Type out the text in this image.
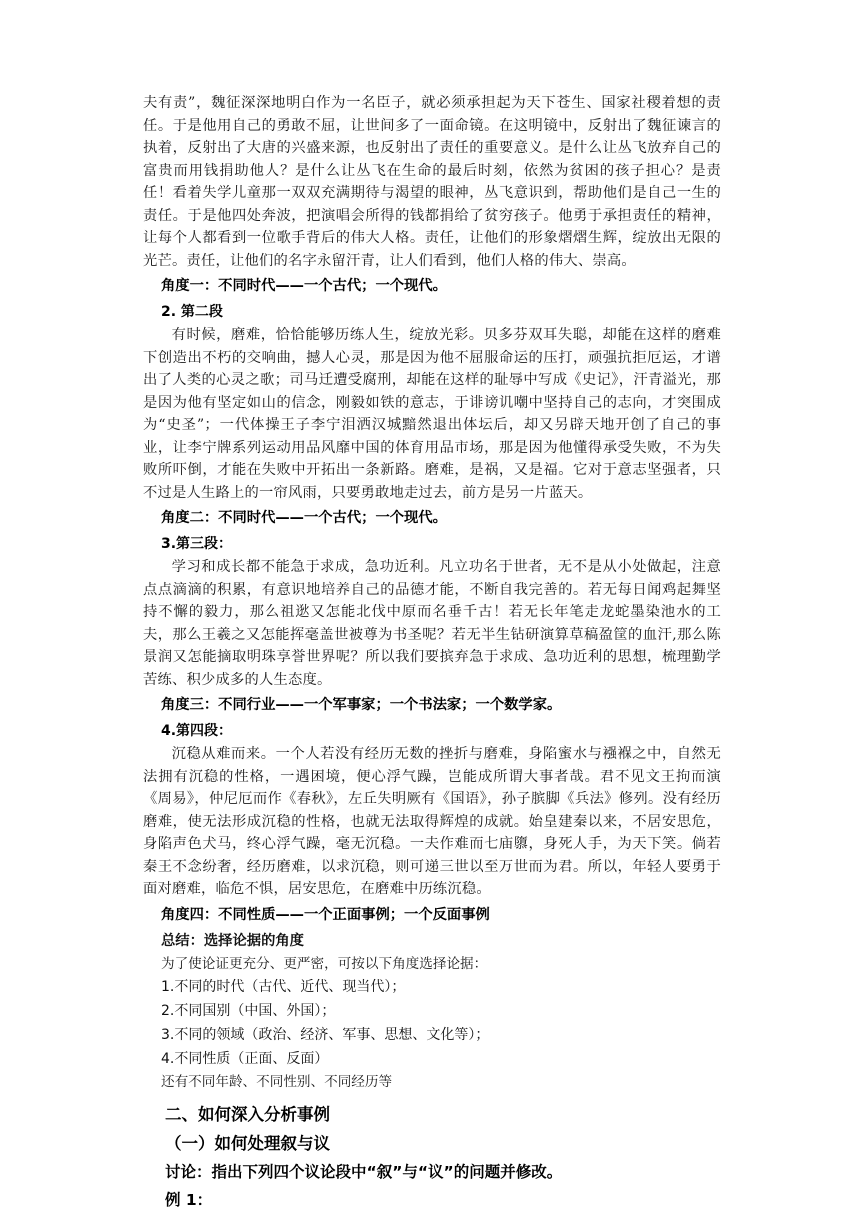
夫有责”，魏征深深地明白作为一名臣子，就必须承担起为天下苍生、国家社稷着想的责任。于是他用自己的勇敢不屈，让世间多了一面命镜。在这明镜中，反射出了魏征谏言的执着，反射出了大唐的兴盛来源，也反射出了责任的重要意义。是什么让丛飞放弃自己的富贵而用钱捐助他人？是什么让丛飞在生命的最后时刻，依然为贫困的孩子担心？是责任！看着失学儿童那一双双充满期待与渴望的眼神，丛飞意识到，帮助他们是自己一生的责任。于是他四处奔波，把演唱会所得的钱都捐给了贫穷孩子。他勇于承担责任的精神，让每个人都看到一位歌手背后的伟大人格。责任，让他们的形象熠熠生辉，绽放出无限的光芒。责任，让他们的名字永留汗青，让人们看到，他们人格的伟大、崇高。

角度一：不同时代——一个古代；一个现代。
2. 第二段

有时候，磨难，恰恰能够历练人生，绽放光彩。贝多芬双耳失聪，却能在这样的磨难下创造出不朽的交响曲，撼人心灵，那是因为他不屈服命运的压打，顽强抗拒厄运，才谱出了人类的心灵之歌；司马迁遭受腐刑，却能在这样的耻辱中写成《史记》，汗青溢光，那是因为他有坚定如山的信念，刚毅如铁的意志，于诽谤讥嘲中坚持自己的志向，才突围成为“史圣”；一代体操王子李宁泪洒汉城黯然退出体坛后，却又另辟天地开创了自己的事业，让李宁牌系列运动用品风靡中国的体育用品市场，那是因为他懂得承受失败，不为失败所吓倒，才能在失败中开拓出一条新路。磨难，是祸，又是福。它对于意志坚强者，只不过是人生路上的一帘风雨，只要勇敢地走过去，前方是另一片蓝天。

角度二：不同时代——一个古代；一个现代。
3.第三段：

学习和成长都不能急于求成，急功近利。凡立功名于世者，无不是从小处做起，注意点点滴滴的积累，有意识地培养自己的品德才能，不断自我完善的。若无每日闻鸡起舞坚持不懈的毅力，那么祖逖又怎能北伐中原而名垂千古！若无长年笔走龙蛇墨染池水的工夫，那么王羲之又怎能挥毫盖世被尊为书圣呢？若无半生钻研演算草稿盈筐的血汗,那么陈景润又怎能摘取明珠享誉世界呢？所以我们要摈弃急于求成、急功近利的思想，梳理勤学苦练、积少成多的人生态度。

角度三：不同行业——一个军事家；一个书法家；一个数学家。
4.第四段：

沉稳从难而来。一个人若没有经历无数的挫折与磨难，身陷蜜水与襁褓之中，自然无法拥有沉稳的性格，一遇困境，便心浮气躁，岂能成所谓大事者哉。君不见文王拘而演《周易》，仲尼厄而作《春秋》，左丘失明厥有《国语》，孙子膑脚《兵法》修列。没有经历磨难，使无法形成沉稳的性格，也就无法取得辉煌的成就。始皇建秦以来，不居安思危，身陷声色犬马，终心浮气躁，毫无沉稳。一夫作难而七庙隳，身死人手，为天下笑。倘若秦王不念纷奢，经历磨难，以求沉稳，则可递三世以至万世而为君。所以，年轻人要勇于面对磨难，临危不惧，居安思危，在磨难中历练沉稳。

角度四：不同性质——一个正面事例；一个反面事例
总结：选择论据的角度
为了使论证更充分、更严密，可按以下角度选择论据：
1.不同的时代（古代、近代、现当代）；
2.不同国别（中国、外国）；
3.不同的领域（政治、经济、军事、思想、文化等）；
4.不同性质（正面、反面）
还有不同年龄、不同性别、不同经历等
二、如何深入分析事例
（一）如何处理叙与议
讨论：指出下列四个议论段中“叙”与“议”的问题并修改。
例 1：
